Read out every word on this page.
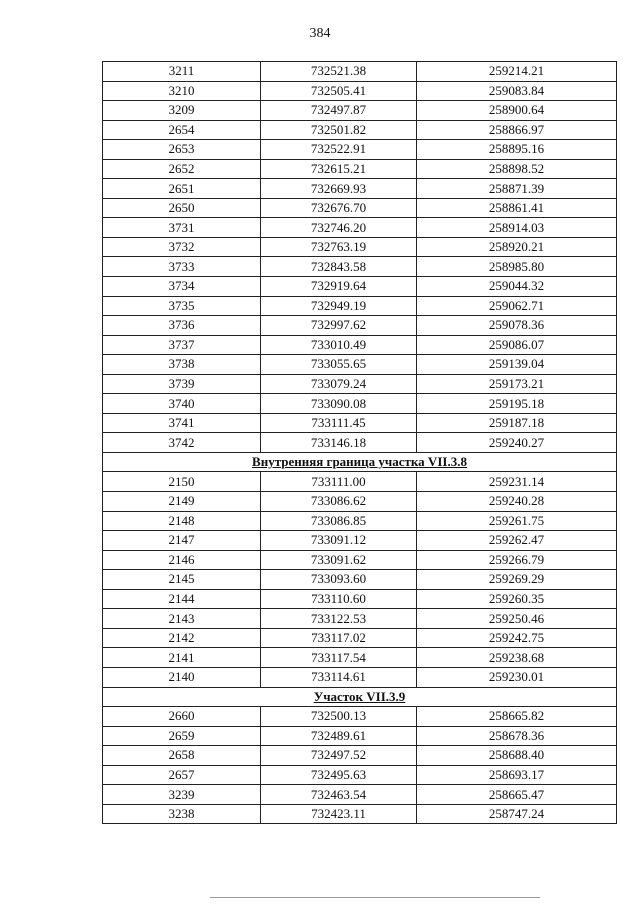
384
3211	732521.38	259214.21
3210	732505.41	259083.84
3209	732497.87	258900.64
2654	732501.82	258866.97
2653	732522.91	258895.16
2652	732615.21	258898.52
2651	732669.93	258871.39
2650	732676.70	258861.41
3731	732746.20	258914.03
3732	732763.19	258920.21
3733	732843.58	258985.80
3734	732919.64	259044.32
3735	732949.19	259062.71
3736	732997.62	259078.36
3737	733010.49	259086.07
3738	733055.65	259139.04
3739	733079.24	259173.21
3740	733090.08	259195.18
3741	733111.45	259187.18
3742	733146.18	259240.27
Внутренняя граница участка VII.3.8		
2150	733111.00	259231.14
2149	733086.62	259240.28
2148	733086.85	259261.75
2147	733091.12	259262.47
2146	733091.62	259266.79
2145	733093.60	259269.29
2144	733110.60	259260.35
2143	733122.53	259250.46
2142	733117.02	259242.75
2141	733117.54	259238.68
2140	733114.61	259230.01
Участок VII.3.9		
2660	732500.13	258665.82
2659	732489.61	258678.36
2658	732497.52	258688.40
2657	732495.63	258693.17
3239	732463.54	258665.47
3238	732423.11	258747.24
